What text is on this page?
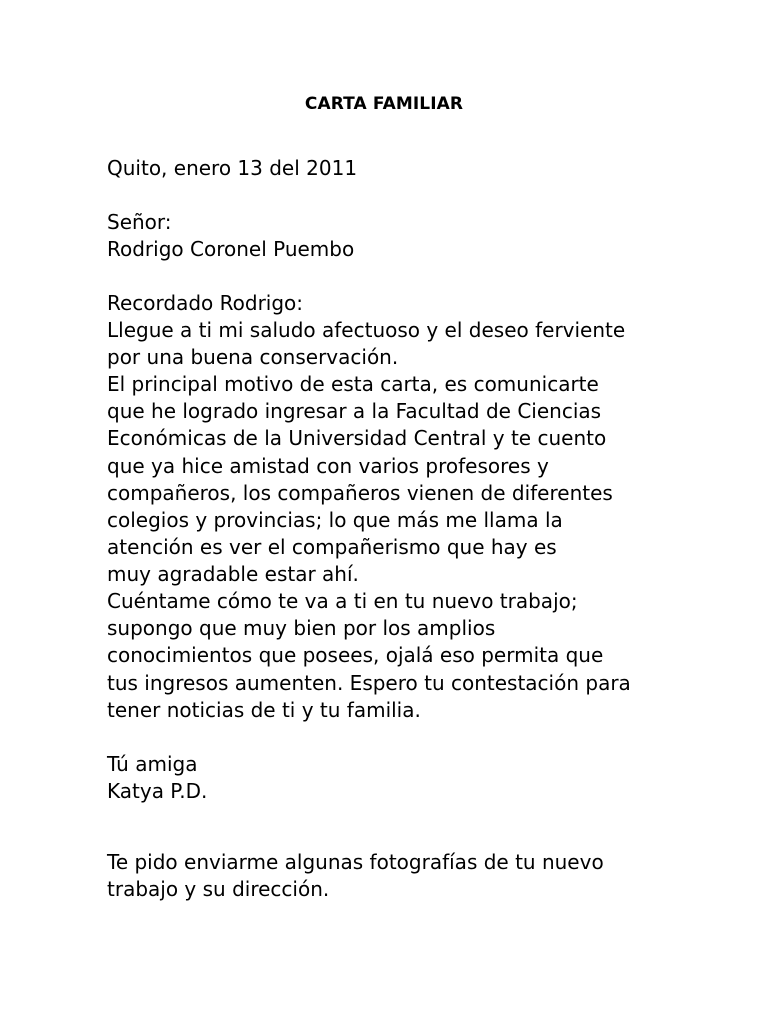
CARTA FAMILIAR
Quito, enero 13 del 2011
Señor:
Rodrigo Coronel Puembo
Recordado Rodrigo:
Llegue a ti mi saludo afectuoso y el deseo ferviente
por una buena conservación.
El principal motivo de esta carta, es comunicarte
que he logrado ingresar a la Facultad de Ciencias
Económicas de la Universidad Central y te cuento
que ya hice amistad con varios profesores y
compañeros, los compañeros vienen de diferentes
colegios y provincias; lo que más me llama la
atención es ver el compañerismo que hay es
muy agradable estar ahí.
Cuéntame cómo te va a ti en tu nuevo trabajo;
supongo que muy bien por los amplios
conocimientos que posees, ojalá eso permita que
tus ingresos aumenten. Espero tu contestación para
tener noticias de ti y tu familia.
Tú amiga
Katya P.D.
Te pido enviarme algunas fotografías de tu nuevo
trabajo y su dirección.
